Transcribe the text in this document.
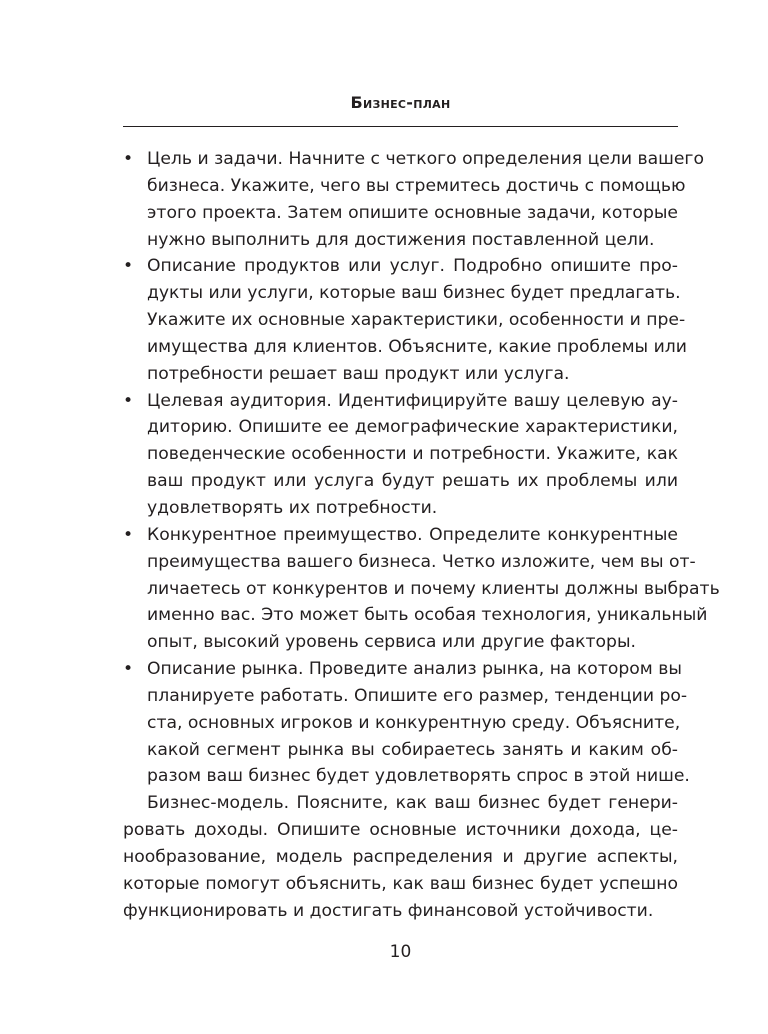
Бизнес-план
• Цель и задачи. Начните с четкого определения цели вашего
бизнеса. Укажите, чего вы стремитесь достичь с помощью
этого проекта. Затем опишите основные задачи, которые
нужно выполнить для достижения поставленной цели.
• Описание продуктов или услуг. Подробно опишите про-
дукты или услуги, которые ваш бизнес будет предлагать.
Укажите их основные характеристики, особенности и пре-
имущества для клиентов. Объясните, какие проблемы или
потребности решает ваш продукт или услуга.
• Целевая аудитория. Идентифицируйте вашу целевую ау-
диторию. Опишите ее демографические характеристики,
поведенческие особенности и потребности. Укажите, как
ваш продукт или услуга будут решать их проблемы или
удовлетворять их потребности.
• Конкурентное преимущество. Определите конкурентные
преимущества вашего бизнеса. Четко изложите, чем вы от-
личаетесь от конкурентов и почему клиенты должны выбрать
именно вас. Это может быть особая технология, уникальный
опыт, высокий уровень сервиса или другие факторы.
• Описание рынка. Проведите анализ рынка, на котором вы
планируете работать. Опишите его размер, тенденции ро-
ста, основных игроков и конкурентную среду. Объясните,
какой сегмент рынка вы собираетесь занять и каким об-
разом ваш бизнес будет удовлетворять спрос в этой нише.
Бизнес-модель. Поясните, как ваш бизнес будет генери-
ровать доходы. Опишите основные источники дохода, це-
нообразование, модель распределения и другие аспекты,
которые помогут объяснить, как ваш бизнес будет успешно
функционировать и достигать финансовой устойчивости.
10
